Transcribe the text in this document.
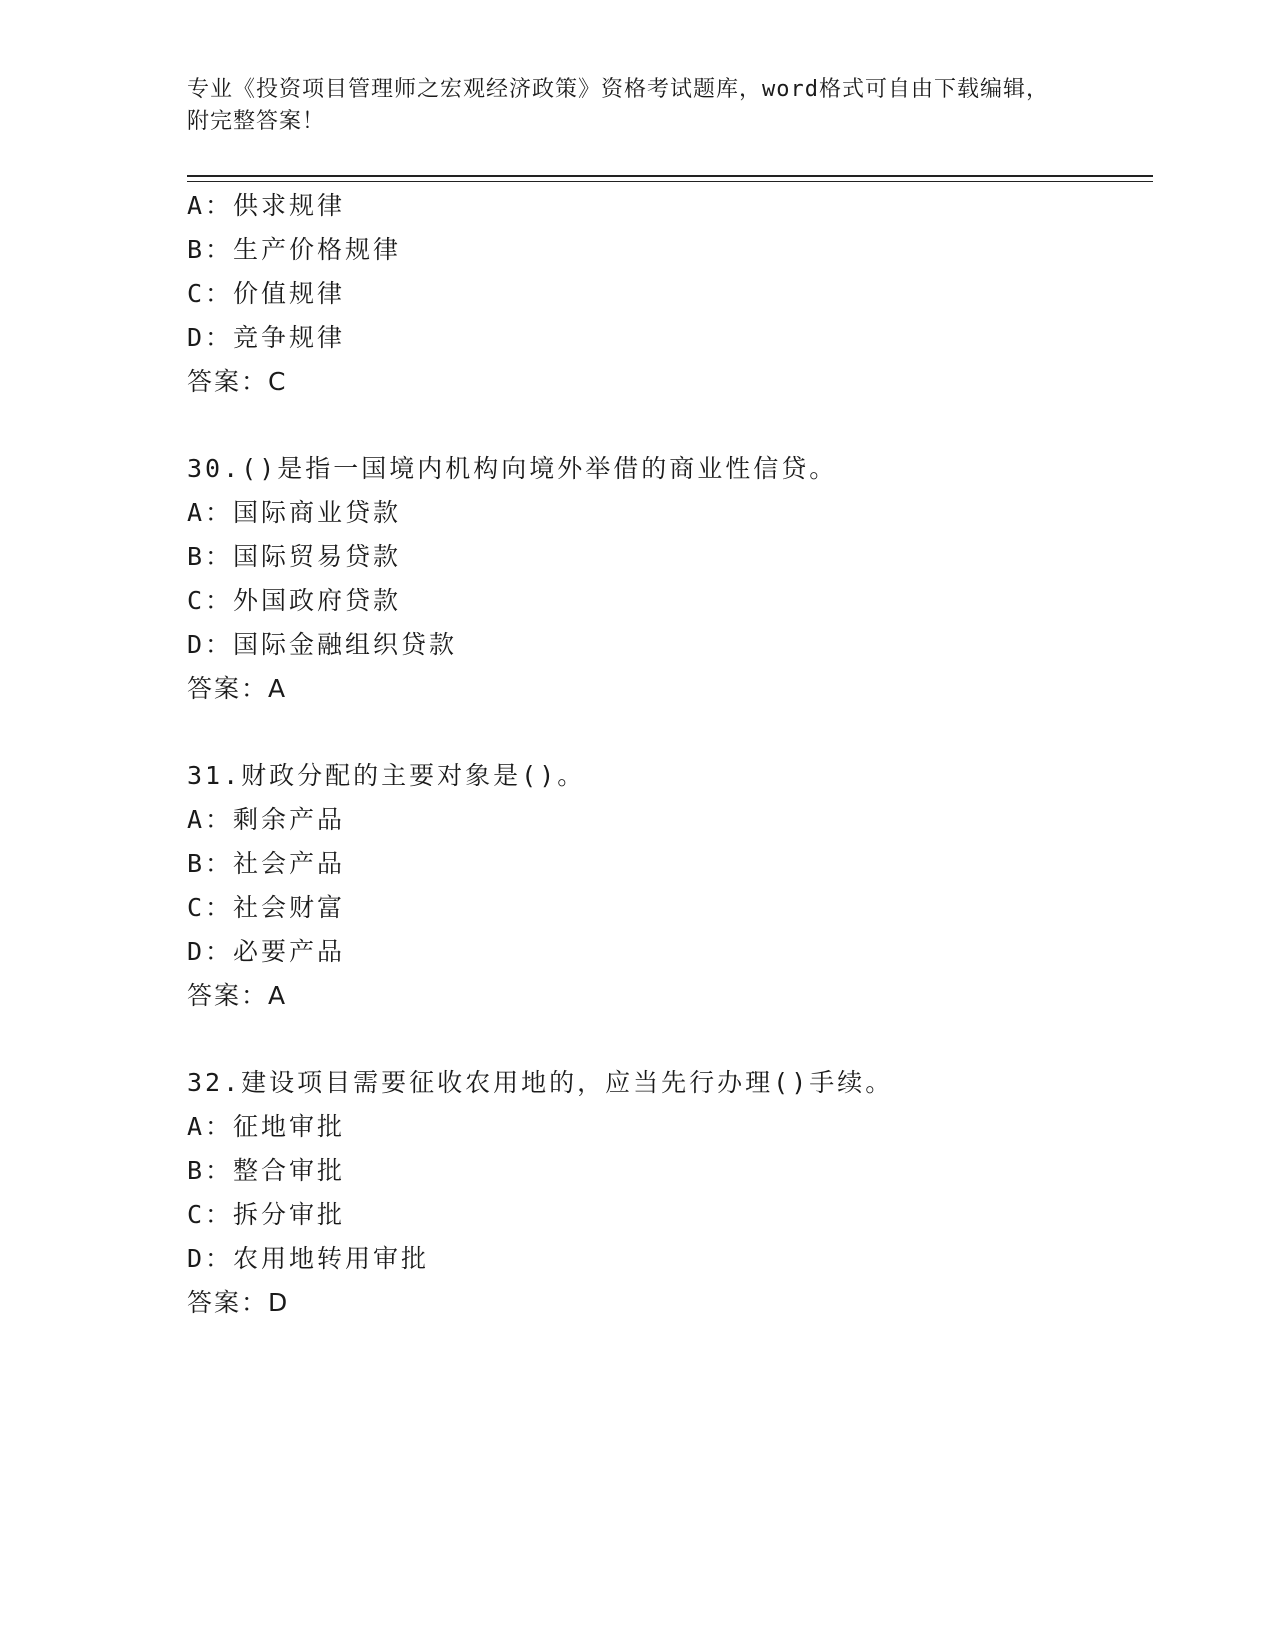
专业《投资项目管理师之宏观经济政策》资格考试题库，word格式可自由下载编辑，附完整答案！

A：供求规律

B：生产价格规律

C：价值规律

D：竞争规律

答案：C

30.()是指一国境内机构向境外举借的商业性信贷。

A：国际商业贷款

B：国际贸易贷款

C：外国政府贷款

D：国际金融组织贷款

答案：A

31.财政分配的主要对象是()。

A：剩余产品

B：社会产品

C：社会财富

D：必要产品

答案：A

32.建设项目需要征收农用地的，应当先行办理()手续。

A：征地审批

B：整合审批

C：拆分审批

D：农用地转用审批

答案：D
